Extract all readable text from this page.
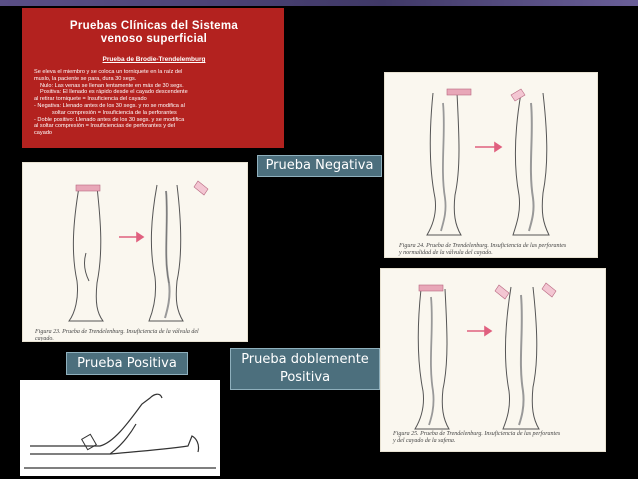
Pruebas Clínicas del Sistema
venoso superficial
Prueba de Brodie-Trendelemburg
Se eleva el miembro y se coloca un torniquete en la raíz del
muslo, la paciente se para, dura 30 segs.
Nulo: Las venas se llenan lentamente en más de 30 segs.
Positiva: El llenado es rápido desde el cayado descendente
al retirar torniquete = Insuficiencia del cayado
- Negativa: Llenado antes de los 30 segs. y no se modifica al
soltar compresión = Insuficiencia de la perforantes
- Doble positivo: Llenado antes de los 30 segs. y se modifica
al soltar compresión = Insuficiencias de perforantes y del
cayado
Figura 23. Prueba de Trendelenburg. Insuficiencia de la válvula del
cayado.
Figura 24. Prueba de Trendelenburg. Insuficiencia de las perforantes
y normalidad de la válvula del cayado.
Figura 25. Prueba de Trendelenburg. Insuficiencia de las perforantes
y del cayado de la safena.
Prueba Negativa
Prueba Positiva	Prueba doblemente
Positiva
